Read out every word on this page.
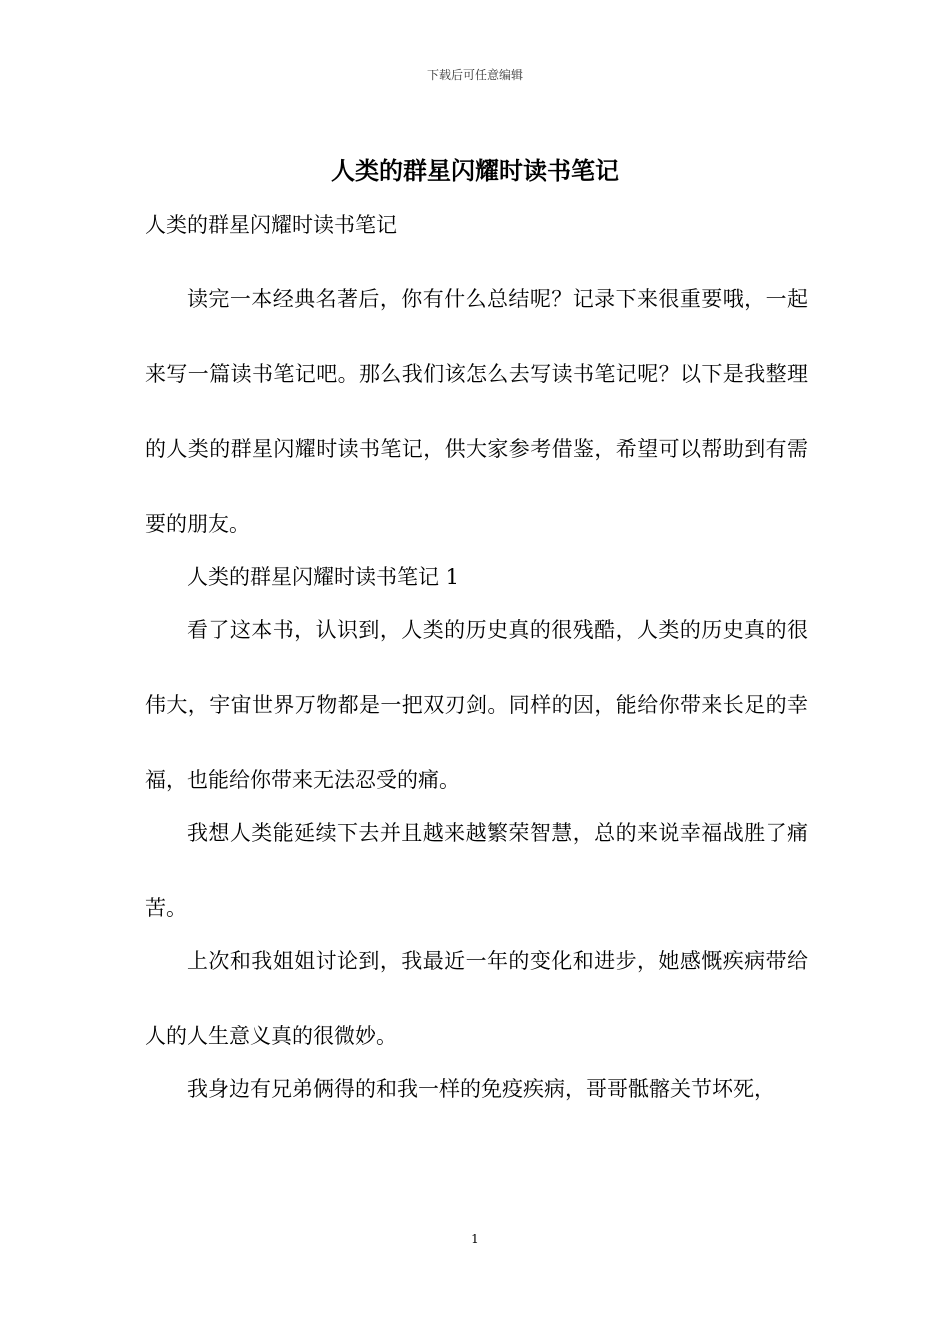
下载后可任意编辑
人类的群星闪耀时读书笔记
人类的群星闪耀时读书笔记

读完一本经典名著后，你有什么总结呢？记录下来很重要哦，一起来写一篇读书笔记吧。那么我们该怎么去写读书笔记呢？以下是我整理的人类的群星闪耀时读书笔记，供大家参考借鉴，希望可以帮助到有需要的朋友。

人类的群星闪耀时读书笔记 1

看了这本书，认识到，人类的历史真的很残酷，人类的历史真的很伟大，宇宙世界万物都是一把双刃剑。同样的因，能给你带来长足的幸福，也能给你带来无法忍受的痛。

我想人类能延续下去并且越来越繁荣智慧，总的来说幸福战胜了痛苦。

上次和我姐姐讨论到，我最近一年的变化和进步，她感慨疾病带给人的人生意义真的很微妙。

我身边有兄弟俩得的和我一样的免疫疾病，哥哥骶髂关节坏死，

1
